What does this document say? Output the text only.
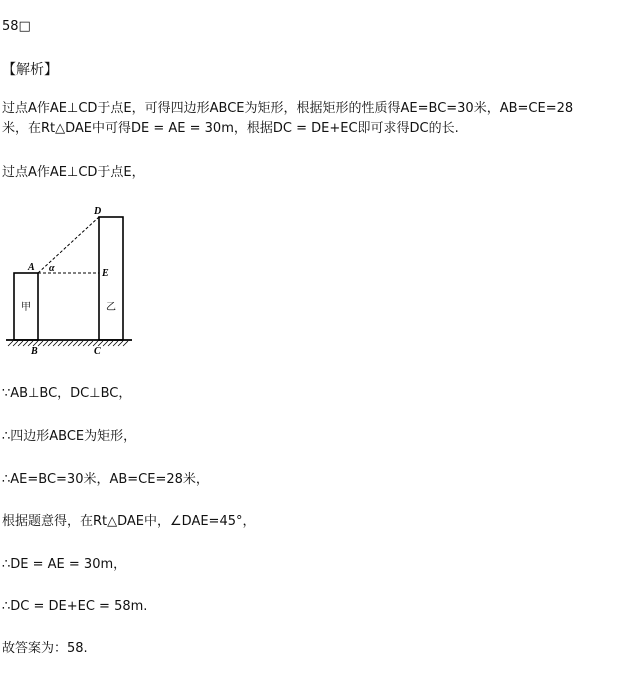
58□
【解析】
过点A作AE⊥CD于点E，可得四边形ABCE为矩形，根据矩形的性质得AE=BC=30米，AB=CE=28
米，在Rt△DAE中可得DE = AE = 30m，根据DC = DE+EC即可求得DC的长.
过点A作AE⊥CD于点E，
D
A α	E
B	C
甲	乙
∵AB⊥BC，DC⊥BC，
∴四边形ABCE为矩形，
∴AE=BC=30米，AB=CE=28米，
根据题意得，在Rt△DAE中，∠DAE=45°，
∴DE = AE = 30m，
∴DC = DE+EC = 58m.
故答案为：58.
